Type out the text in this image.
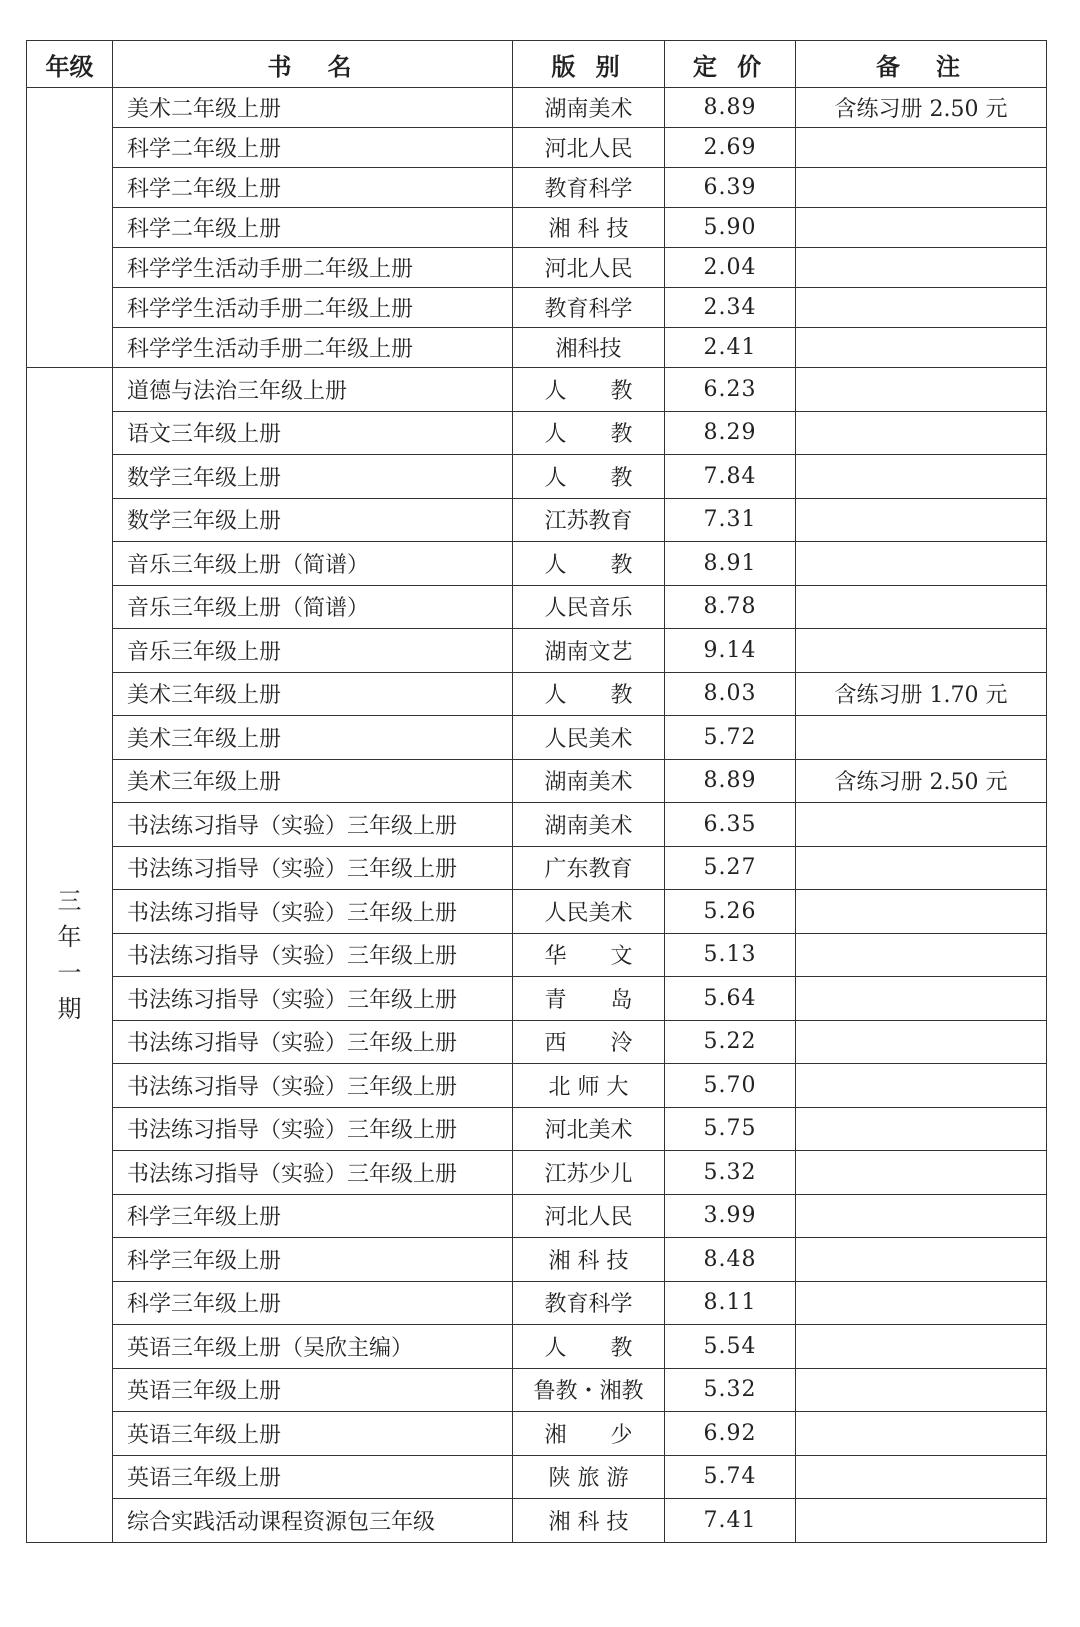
年级	书　名	版 别	定 价	备　注
	美术二年级上册	湖南美术	8.89	含练习册 2.50 元
	科学二年级上册	河北人民	2.69	
	科学二年级上册	教育科学	6.39	
	科学二年级上册	湘 科 技	5.90	
	科学学生活动手册二年级上册	河北人民	2.04	
	科学学生活动手册二年级上册	教育科学	2.34	
	科学学生活动手册二年级上册	湘科技	2.41	
三年一期	道德与法治三年级上册	人　　教	6.23	
	语文三年级上册	人　　教	8.29	
	数学三年级上册	人　　教	7.84	
	数学三年级上册	江苏教育	7.31	
	音乐三年级上册（简谱）	人　　教	8.91	
	音乐三年级上册（简谱）	人民音乐	8.78	
	音乐三年级上册	湖南文艺	9.14	
	美术三年级上册	人　　教	8.03	含练习册 1.70 元
	美术三年级上册	人民美术	5.72	
	美术三年级上册	湖南美术	8.89	含练习册 2.50 元
	书法练习指导（实验）三年级上册	湖南美术	6.35	
	书法练习指导（实验）三年级上册	广东教育	5.27	
	书法练习指导（实验）三年级上册	人民美术	5.26	
	书法练习指导（实验）三年级上册	华　　文	5.13	
	书法练习指导（实验）三年级上册	青　　岛	5.64	
	书法练习指导（实验）三年级上册	西　　泠	5.22	
	书法练习指导（实验）三年级上册	北 师 大	5.70	
	书法练习指导（实验）三年级上册	河北美术	5.75	
	书法练习指导（实验）三年级上册	江苏少儿	5.32	
	科学三年级上册	河北人民	3.99	
	科学三年级上册	湘 科 技	8.48	
	科学三年级上册	教育科学	8.11	
	英语三年级上册（吴欣主编）	人　　教	5.54	
	英语三年级上册	鲁教・湘教	5.32	
	英语三年级上册	湘　　少	6.92	
	英语三年级上册	陕 旅 游	5.74	
	综合实践活动课程资源包三年级	湘 科 技	7.41	
